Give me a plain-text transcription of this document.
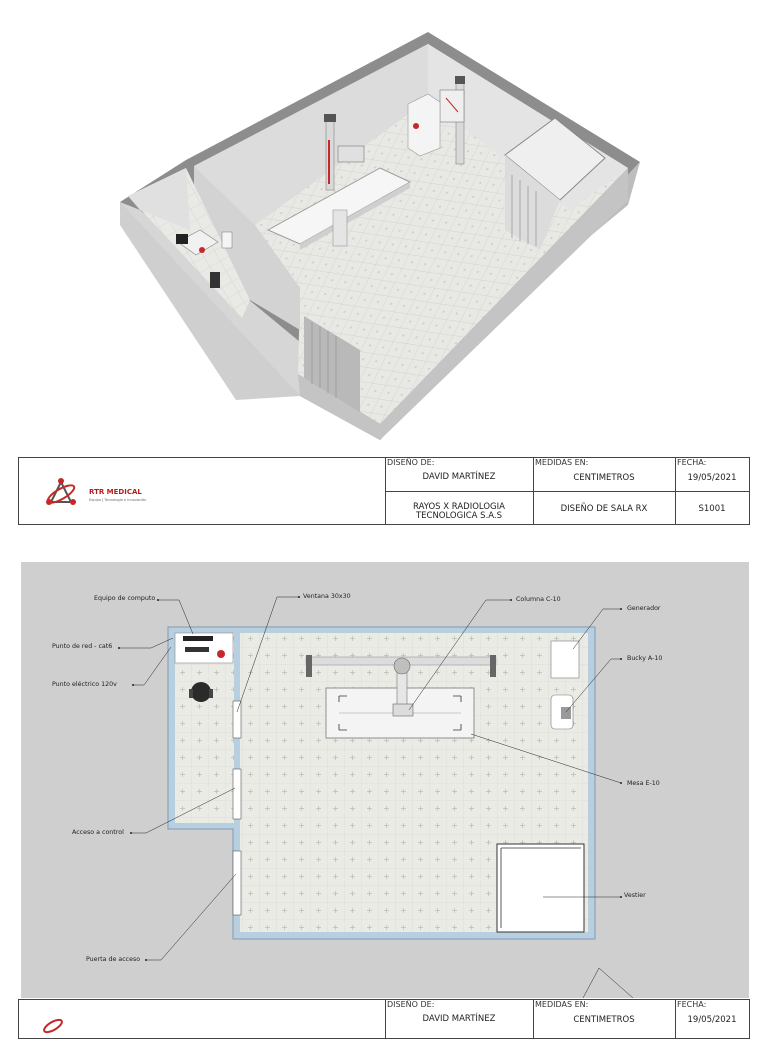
RTR MEDICAL
Equipo | Tecnología e Innovación
DISEÑO DE:
DAVID MARTÍNEZ
MEDIDAS EN:
CENTIMETROS
FECHA:
19/05/2021
RAYOS X RADIOLOGIA
TECNOLOGICA S.A.S
DISEÑO DE SALA RX	S1001
Equipo de computo
Punto de red - cat6
Punto eléctrico 120v
Ventana 30x30	Columna C-10
Generador
Bucky A-10
Mesa E-10
Acceso a control
Vestier
Puerta de acceso
DISEÑO DE:
DAVID MARTÍNEZ
MEDIDAS EN:
CENTIMETROS
FECHA:
19/05/2021
